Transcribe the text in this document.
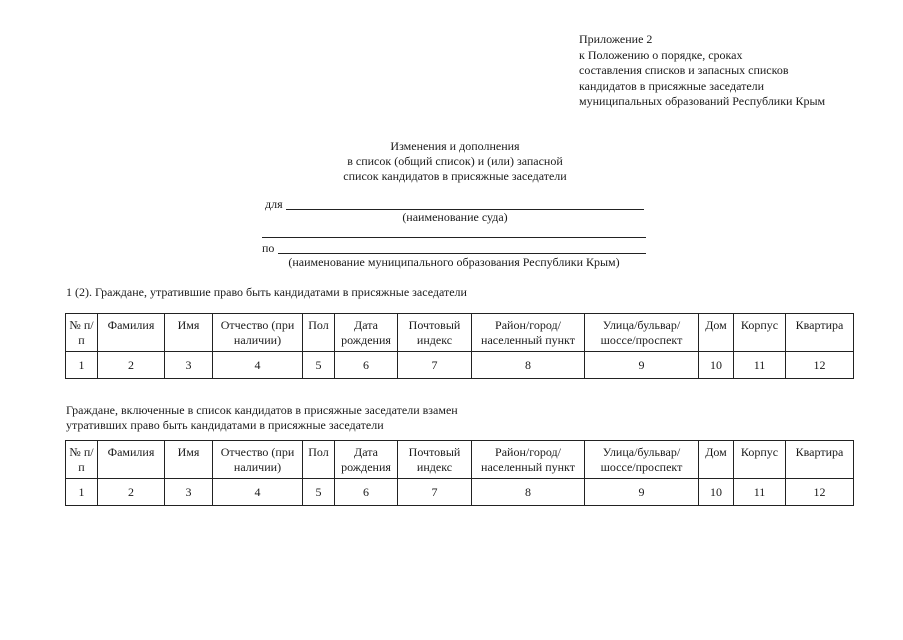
Приложение 2
к Положению о порядке, сроках
составления списков и запасных списков
кандидатов в присяжные заседатели
муниципальных образований Республики Крым
Изменения и дополнения
в список (общий список) и (или) запасной
список кандидатов в присяжные заседатели
для
(наименование суда)
по
(наименование муниципального образования Республики Крым)
1 (2). Граждане, утратившие право быть кандидатами в присяжные заседатели
№ п/п	Фамилия	Имя	Отчество (при наличии)	Пол	Дата рождения	Почтовый индекс	Район/город/ населенный пункт	Улица/бульвар/ шоссе/проспект	Дом	Корпус	Квартира
1	2	3	4	5	6	7	8	9	10	11	12
Граждане, включенные в список кандидатов в присяжные заседатели взамен
утративших право быть кандидатами в присяжные заседатели
№ п/п	Фамилия	Имя	Отчество (при наличии)	Пол	Дата рождения	Почтовый индекс	Район/город/ населенный пункт	Улица/бульвар/ шоссе/проспект	Дом	Корпус	Квартира
1	2	3	4	5	6	7	8	9	10	11	12
